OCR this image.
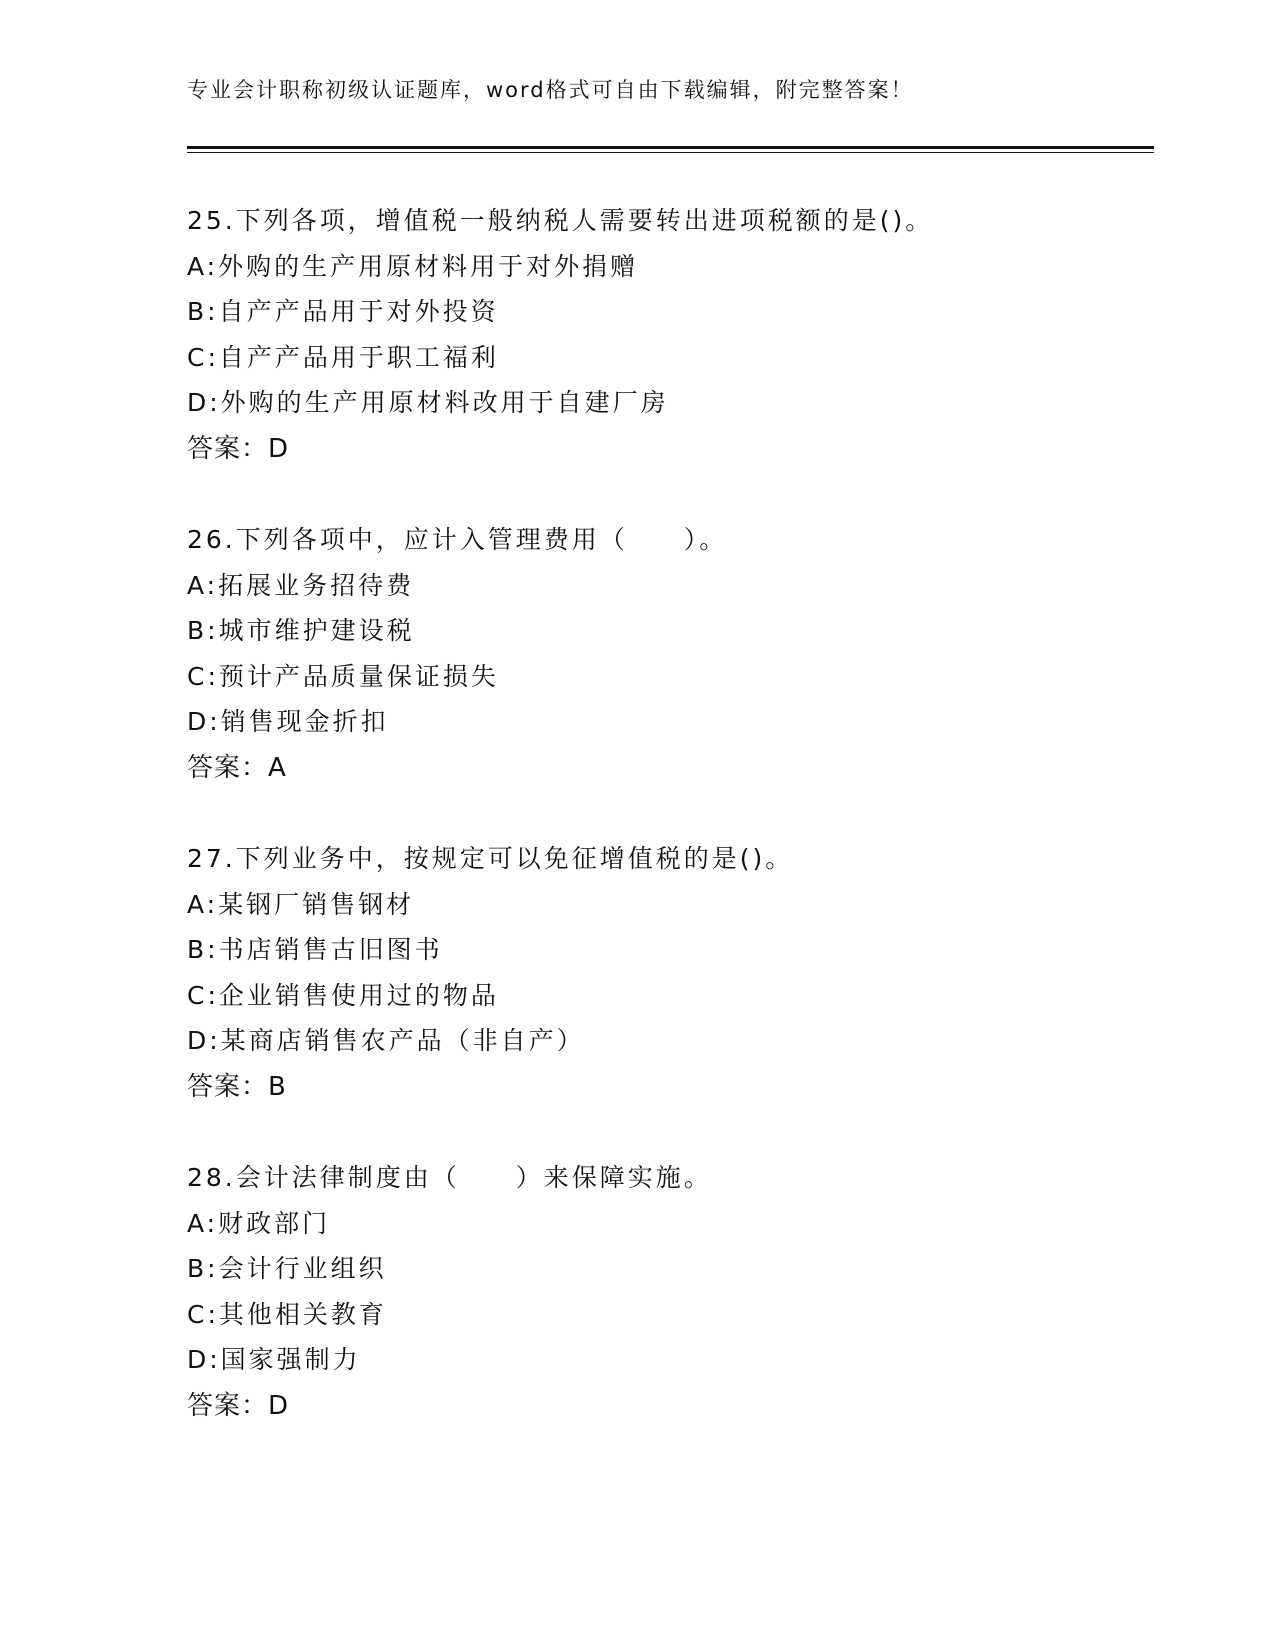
专业会计职称初级认证题库，word格式可自由下载编辑，附完整答案！
25.下列各项，增值税一般纳税人需要转出进项税额的是()。
A:外购的生产用原材料用于对外捐赠
B:自产产品用于对外投资
C:自产产品用于职工福利
D:外购的生产用原材料改用于自建厂房
答案：D
26.下列各项中，应计入管理费用（　　）。
A:拓展业务招待费
B:城市维护建设税
C:预计产品质量保证损失
D:销售现金折扣
答案：A
27.下列业务中，按规定可以免征增值税的是()。
A:某钢厂销售钢材
B:书店销售古旧图书
C:企业销售使用过的物品
D:某商店销售农产品（非自产）
答案：B
28.会计法律制度由（　　）来保障实施。
A:财政部门
B:会计行业组织
C:其他相关教育
D:国家强制力
答案：D
